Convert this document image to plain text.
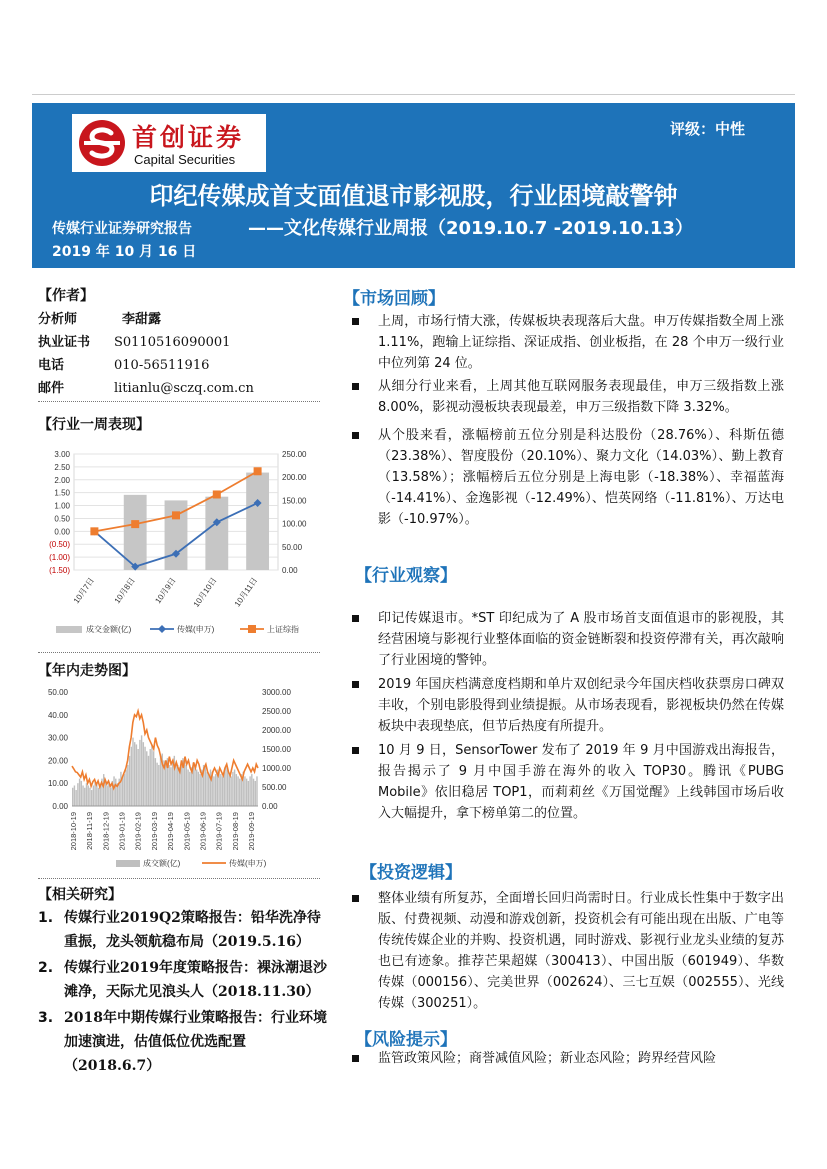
首创证券
Capital Securities
评级：中性
印纪传媒成首支面值退市影视股，行业困境敲警钟
传媒行业证券研究报告	——文化传媒行业周报（2019.10.7 -2019.10.13）
2019 年 10 月 16 日
【作者】
分析师	李甜露
执业证书 S0110516090001
电话	010-56511916
邮件	litianlu@sczq.com.cn
【行业一周表现】
3.00
2.50
2.00
1.50
1.00
0.50
0.00
(0.50)
(1.00)
(1.50)
250.00
200.00
150.00
100.00
50.00
0.00
10月7日 10月8日 10月9日 10月10日 10月11日
成交金额(亿)	传媒(申万)	上证综指
【年内走势图】
50.00
40.00
30.00
20.00
10.00
0.00
3000.00
2500.00
2000.00
1500.00
1000.00
500.00
0.00
2018-10-19 2018-11-19 2018-12-19 2019-01-19 2019-02-19 2019-03-19 2019-04-19 2019-05-19 2019-06-19 2019-07-19 2019-08-19 2019-09-19
成交额(亿)	传媒(申万)
【相关研究】
1. 传媒行业2019Q2策略报告：铅华洗净待重振，龙头领航稳布局（2019.5.16）
2. 传媒行业2019年度策略报告：裸泳潮退沙滩净，天际尤见浪头人（2018.11.30）
3. 2018年中期传媒行业策略报告：行业环境加速演进，估值低位优选配置（2018.6.7）
【市场回顾】
上周，市场行情大涨，传媒板块表现落后大盘。申万传媒指数全周上涨 1.11%，跑输上证综指、深证成指、创业板指，在 28 个申万一级行业中位列第 24 位。
从细分行业来看，上周其他互联网服务表现最佳，申万三级指数上涨 8.00%，影视动漫板块表现最差，申万三级指数下降 3.32%。
从个股来看，涨幅榜前五位分别是科达股份（28.76%）、科斯伍德（23.38%）、智度股份（20.10%）、聚力文化（14.03%）、勤上教育（13.58%）；涨幅榜后五位分别是上海电影（-18.38%）、幸福蓝海（-14.41%）、金逸影视（-12.49%）、恺英网络（-11.81%）、万达电影（-10.97%）。
【行业观察】
印记传媒退市。*ST 印纪成为了 A 股市场首支面值退市的影视股，其经营困境与影视行业整体面临的资金链断裂和投资停滞有关，再次敲响了行业困境的警钟。
2019 年国庆档满意度档期和单片双创纪录今年国庆档收获票房口碑双丰收，个别电影股得到业绩提振。从市场表现看，影视板块仍然在传媒板块中表现垫底，但节后热度有所提升。
10 月 9 日，SensorTower 发布了 2019 年 9 月中国游戏出海报告，报告揭示了 9 月中国手游在海外的收入 TOP30。腾讯《PUBG Mobile》依旧稳居 TOP1，而莉莉丝《万国觉醒》上线韩国市场后收入大幅提升，拿下榜单第二的位置。
【投资逻辑】
整体业绩有所复苏，全面增长回归尚需时日。行业成长性集中于数字出版、付费视频、动漫和游戏创新，投资机会有可能出现在出版、广电等传统传媒企业的并购、投资机遇，同时游戏、影视行业龙头业绩的复苏也已有迹象。推荐芒果超媒（300413）、中国出版（601949）、华数传媒（000156）、完美世界（002624）、三七互娱（002555）、光线传媒（300251）。
【风险提示】
监管政策风险；商誉减值风险；新业态风险；跨界经营风险
